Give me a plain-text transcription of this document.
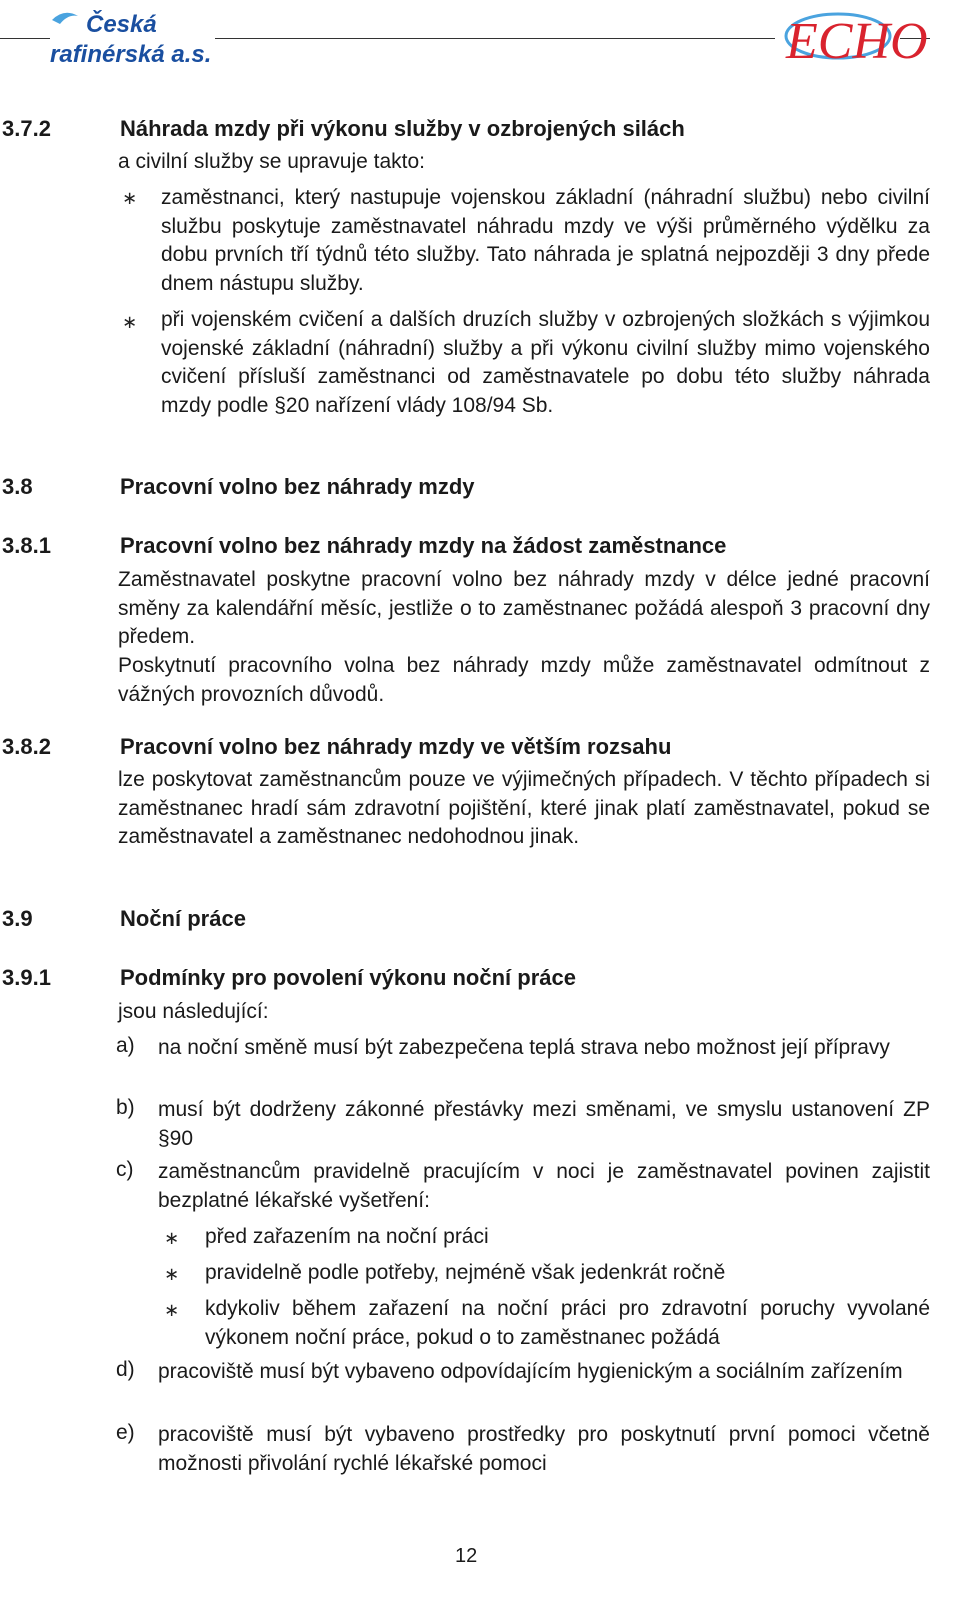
Česká
rafinérská a.s.	ECHO
3.7.2	Náhrada mzdy při výkonu služby v ozbrojených silách
a civilní služby se upravuje takto:
∗ zaměstnanci, který nastupuje vojenskou základní (náhradní službu) nebo civilní službu poskytuje zaměstnavatel náhradu mzdy ve výši průměrného výdělku za dobu prvních tří týdnů této služby. Tato náhrada je splatná nejpozději 3 dny přede dnem nástupu služby.
∗ při vojenském cvičení a dalších druzích služby v ozbrojených složkách s výjimkou vojenské základní (náhradní) služby a při výkonu civilní služby mimo vojenského cvičení přísluší zaměstnanci od zaměstnavatele po dobu této služby náhrada mzdy podle §20 nařízení vlády 108/94 Sb.
3.8	Pracovní volno bez náhrady mzdy
3.8.1	Pracovní volno bez náhrady mzdy na žádost zaměstnance
Zaměstnavatel poskytne pracovní volno bez náhrady mzdy v délce jedné pracovní směny za kalendářní měsíc, jestliže o to zaměstnanec požádá alespoň 3 pracovní dny předem.
Poskytnutí pracovního volna bez náhrady mzdy může zaměstnavatel odmítnout z vážných provozních důvodů.
3.8.2	Pracovní volno bez náhrady mzdy ve větším rozsahu
lze poskytovat zaměstnancům pouze ve výjimečných případech. V těchto případech si zaměstnanec hradí sám zdravotní pojištění, které jinak platí zaměstnavatel, pokud se zaměstnavatel a zaměstnanec nedohodnou jinak.
3.9	Noční práce
3.9.1	Podmínky pro povolení výkonu noční práce
jsou následující:
a) na noční směně musí být zabezpečena teplá strava nebo možnost její přípravy
b) musí být dodrženy zákonné přestávky mezi směnami, ve smyslu ustanovení ZP §90
c) zaměstnancům pravidelně pracujícím v noci je zaměstnavatel povinen zajistit bezplatné lékařské vyšetření:
∗ před zařazením na noční práci
∗ pravidelně podle potřeby, nejméně však jedenkrát ročně
∗ kdykoliv během zařazení na noční práci pro zdravotní poruchy vyvolané výkonem noční práce, pokud o to zaměstnanec požádá
d) pracoviště musí být vybaveno odpovídajícím hygienickým a sociálním zařízením
e) pracoviště musí být vybaveno prostředky pro poskytnutí první pomoci včetně možnosti přivolání rychlé lékařské pomoci
12
